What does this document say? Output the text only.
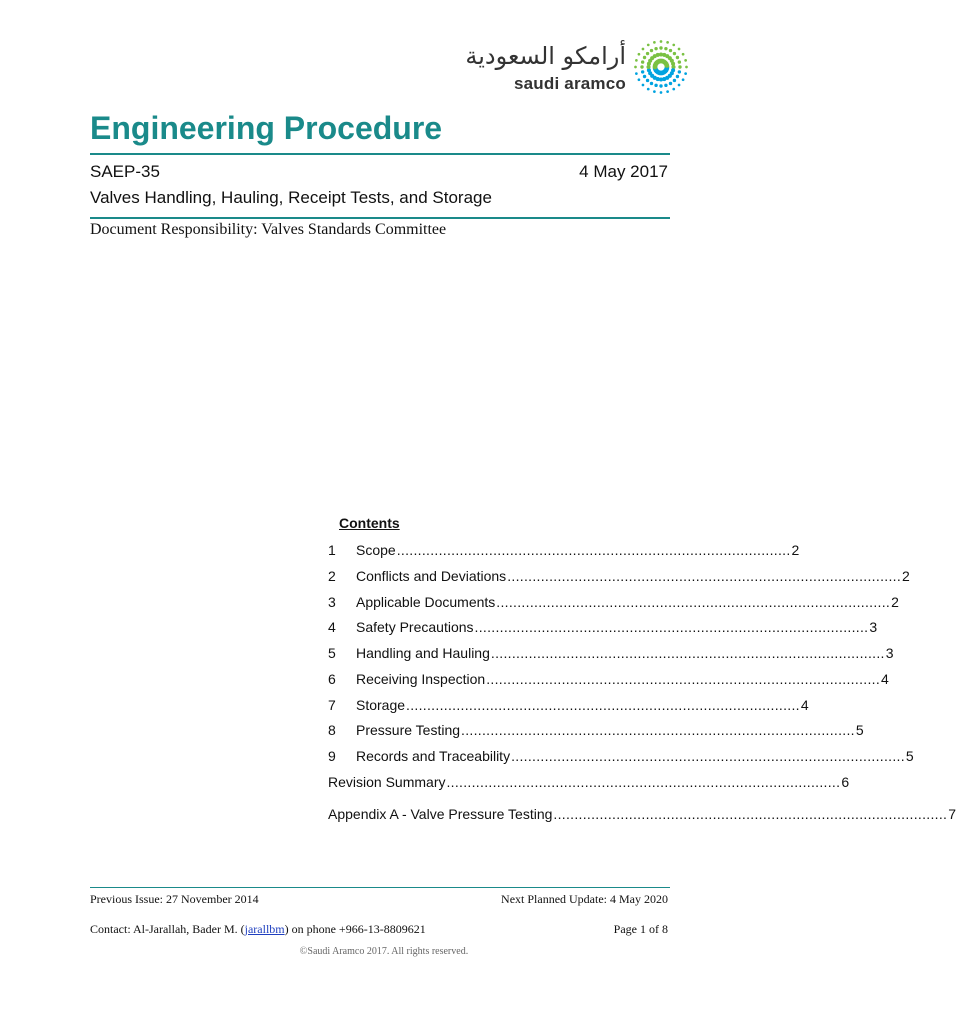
أرامكو السعودية
saudi aramco
Engineering Procedure
SAEP-35	4 May 2017
Valves Handling, Hauling, Receipt Tests, and Storage
Document Responsibility: Valves Standards Committee
Contents
1	Scope .............................................................................................. 2
2	Conflicts and Deviations .............................................................................................. 2
3	Applicable Documents .............................................................................................. 2
4	Safety Precautions .............................................................................................. 3
5	Handling and Hauling .............................................................................................. 3
6	Receiving Inspection .............................................................................................. 4
7	Storage .............................................................................................. 4
8	Pressure Testing .............................................................................................. 5
9	Records and Traceability .............................................................................................. 5
Revision Summary .............................................................................................. 6
Appendix A - Valve Pressure Testing .............................................................................................. 7
Previous Issue: 27 November 2014	Next Planned Update: 4 May 2020
Contact: Al-Jarallah, Bader M. (jarallbm) on phone +966-13-8809621	Page 1 of 8
©Saudi Aramco 2017. All rights reserved.
